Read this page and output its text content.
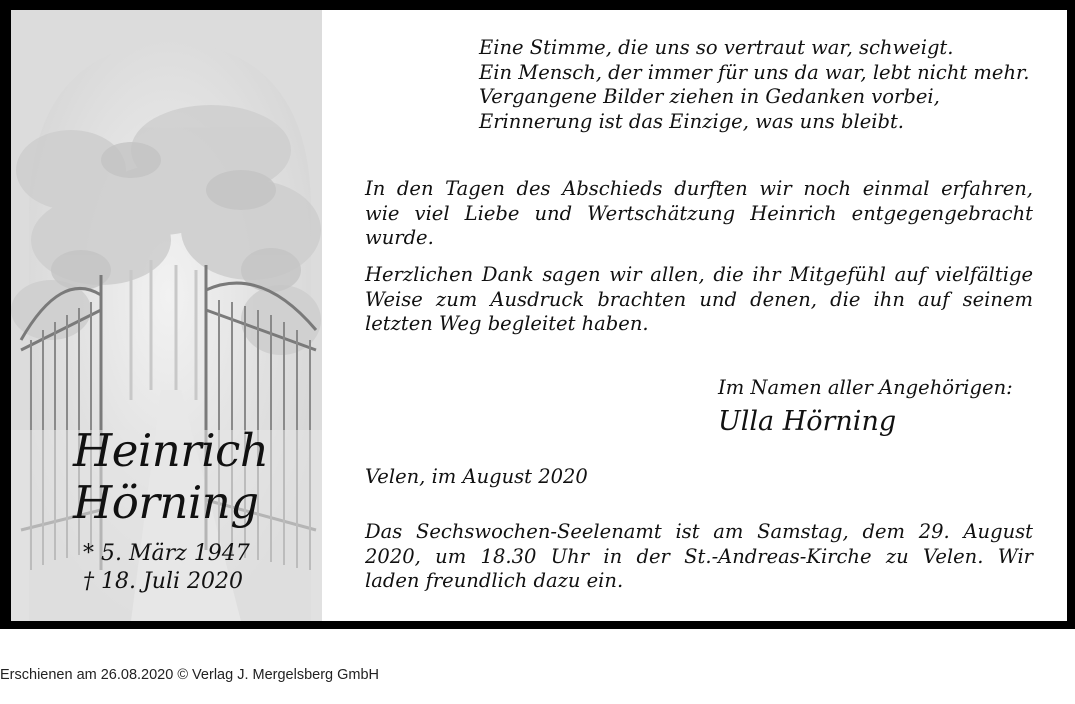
Heinrich
Hörning
* 5. März 1947
† 18. Juli 2020
Eine Stimme, die uns so vertraut war, schweigt.
Ein Mensch, der immer für uns da war, lebt nicht mehr.
Vergangene Bilder ziehen in Gedanken vorbei,
Erinnerung ist das Einzige, was uns bleibt.
In den Tagen des Abschieds durften wir noch einmal erfahren,
wie viel Liebe und Wertschätzung Heinrich entgegengebracht
wurde.
Herzlichen Dank sagen wir allen, die ihr Mitgefühl auf vielfältige
Weise zum Ausdruck brachten und denen, die ihn auf seinem
letzten Weg begleitet haben.
Im Namen aller Angehörigen:
Ulla Hörning
Velen, im August 2020
Das Sechswochen-Seelenamt ist am Samstag, dem 29. August
2020, um 18.30 Uhr in der St.-Andreas-Kirche zu Velen. Wir
laden freundlich dazu ein.
Erschienen am 26.08.2020 © Verlag J. Mergelsberg GmbH
